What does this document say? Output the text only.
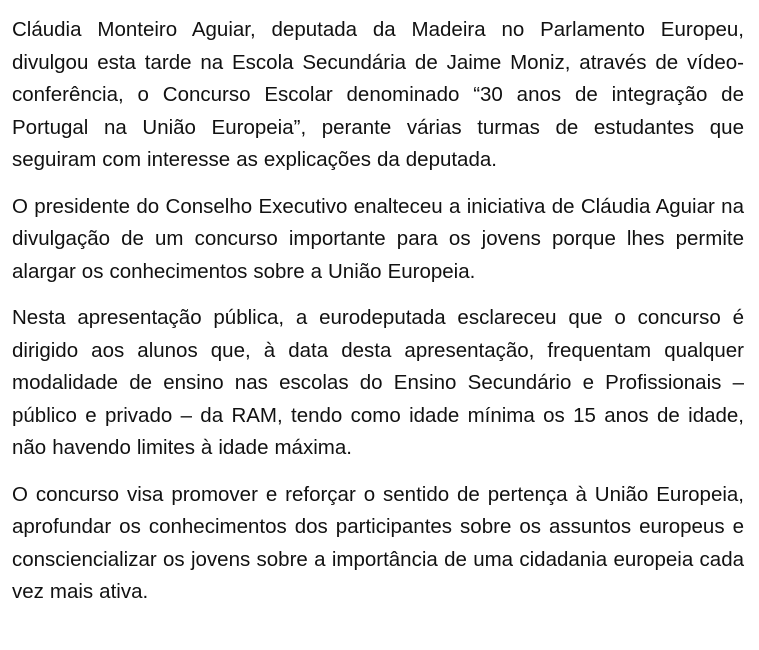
Cláudia Monteiro Aguiar, deputada da Madeira no Parlamento Europeu, divulgou esta tarde na Escola Secundária de Jaime Moniz, através de vídeo-conferência, o Concurso Escolar denominado “30 anos de integração de Portugal na União Europeia”, perante várias turmas de estudantes que seguiram com interesse as explicações da deputada.

O presidente do Conselho Executivo enalteceu a iniciativa de Cláudia Aguiar na divulgação de um concurso importante para os jovens porque lhes permite alargar os conhecimentos sobre a União Europeia.

Nesta apresentação pública, a eurodeputada esclareceu que o concurso é dirigido aos alunos que, à data desta apresentação, frequentam qualquer modalidade de ensino nas escolas do Ensino Secundário e Profissionais – público e privado – da RAM, tendo como idade mínima os 15 anos de idade, não havendo limites à idade máxima.

O concurso visa promover e reforçar o sentido de pertença à União Europeia, aprofundar os conhecimentos dos participantes sobre os assuntos europeus e consciencializar os jovens sobre a importância de uma cidadania europeia cada vez mais ativa.
